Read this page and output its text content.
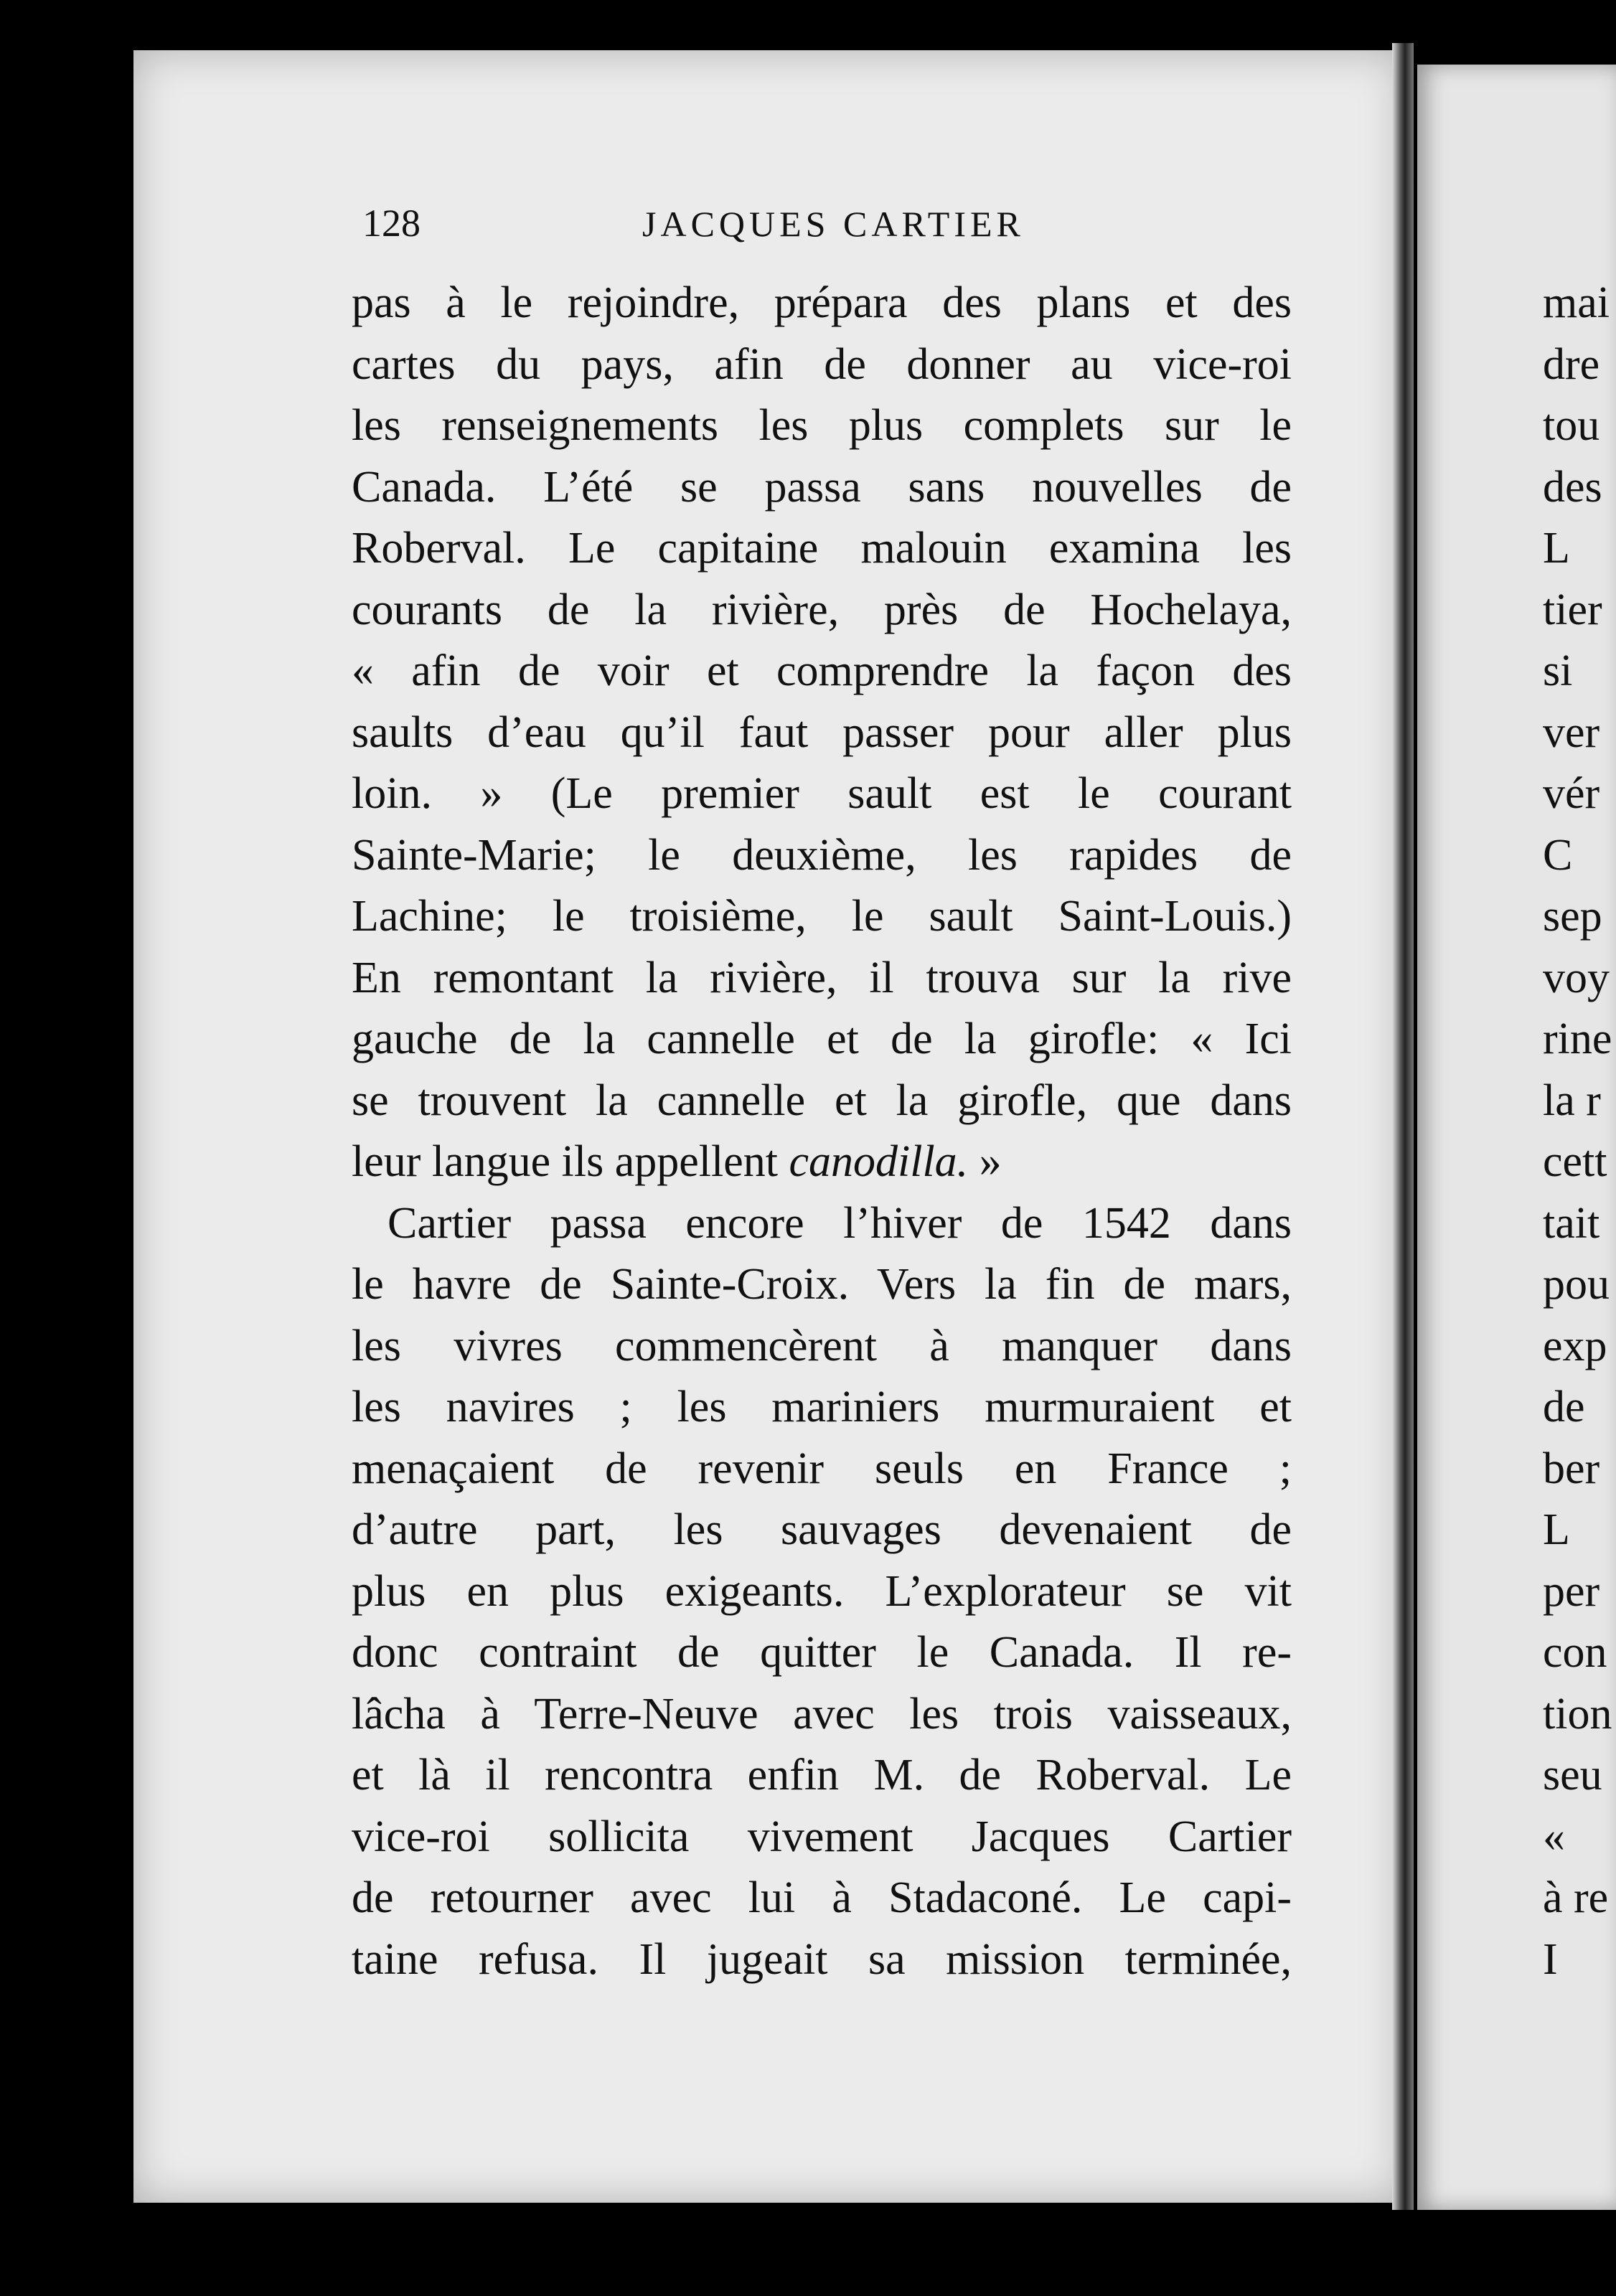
128	JACQUES CARTIER
pas à le rejoindre, prépara des plans et des
cartes du pays, afin de donner au vice-roi
les renseignements les plus complets sur le
Canada. L’été se passa sans nouvelles de
Roberval. Le capitaine malouin examina les
courants de la rivière, près de Hochelaya,
« afin de voir et comprendre la façon des
saults d’eau qu’il faut passer pour aller plus
loin. » (Le premier sault est le courant
Sainte-Marie; le deuxième, les rapides de
Lachine; le troisième, le sault Saint-Louis.)
En remontant la rivière, il trouva sur la rive
gauche de la cannelle et de la girofle: « Ici
se trouvent la cannelle et la girofle, que dans
leur langue ils appellent canodilla. »
Cartier passa encore l’hiver de 1542 dans
le havre de Sainte-Croix. Vers la fin de mars,
les vivres commencèrent à manquer dans
les navires ; les mariniers murmuraient et
menaçaient de revenir seuls en France ;
d’autre part, les sauvages devenaient de
plus en plus exigeants. L’explorateur se vit
donc contraint de quitter le Canada. Il re-
lâcha à Terre-Neuve avec les trois vaisseaux,
et là il rencontra enfin M. de Roberval. Le
vice-roi sollicita vivement Jacques Cartier
de retourner avec lui à Stadaconé. Le capi-
taine refusa. Il jugeait sa mission terminée,
mai
dre
tou
des
L
tier
si
ver
vér
C
sep
voy
rine
la r
cett
tait
pou
exp
de
ber
L
per
con
tion
seu
«
à re
I
